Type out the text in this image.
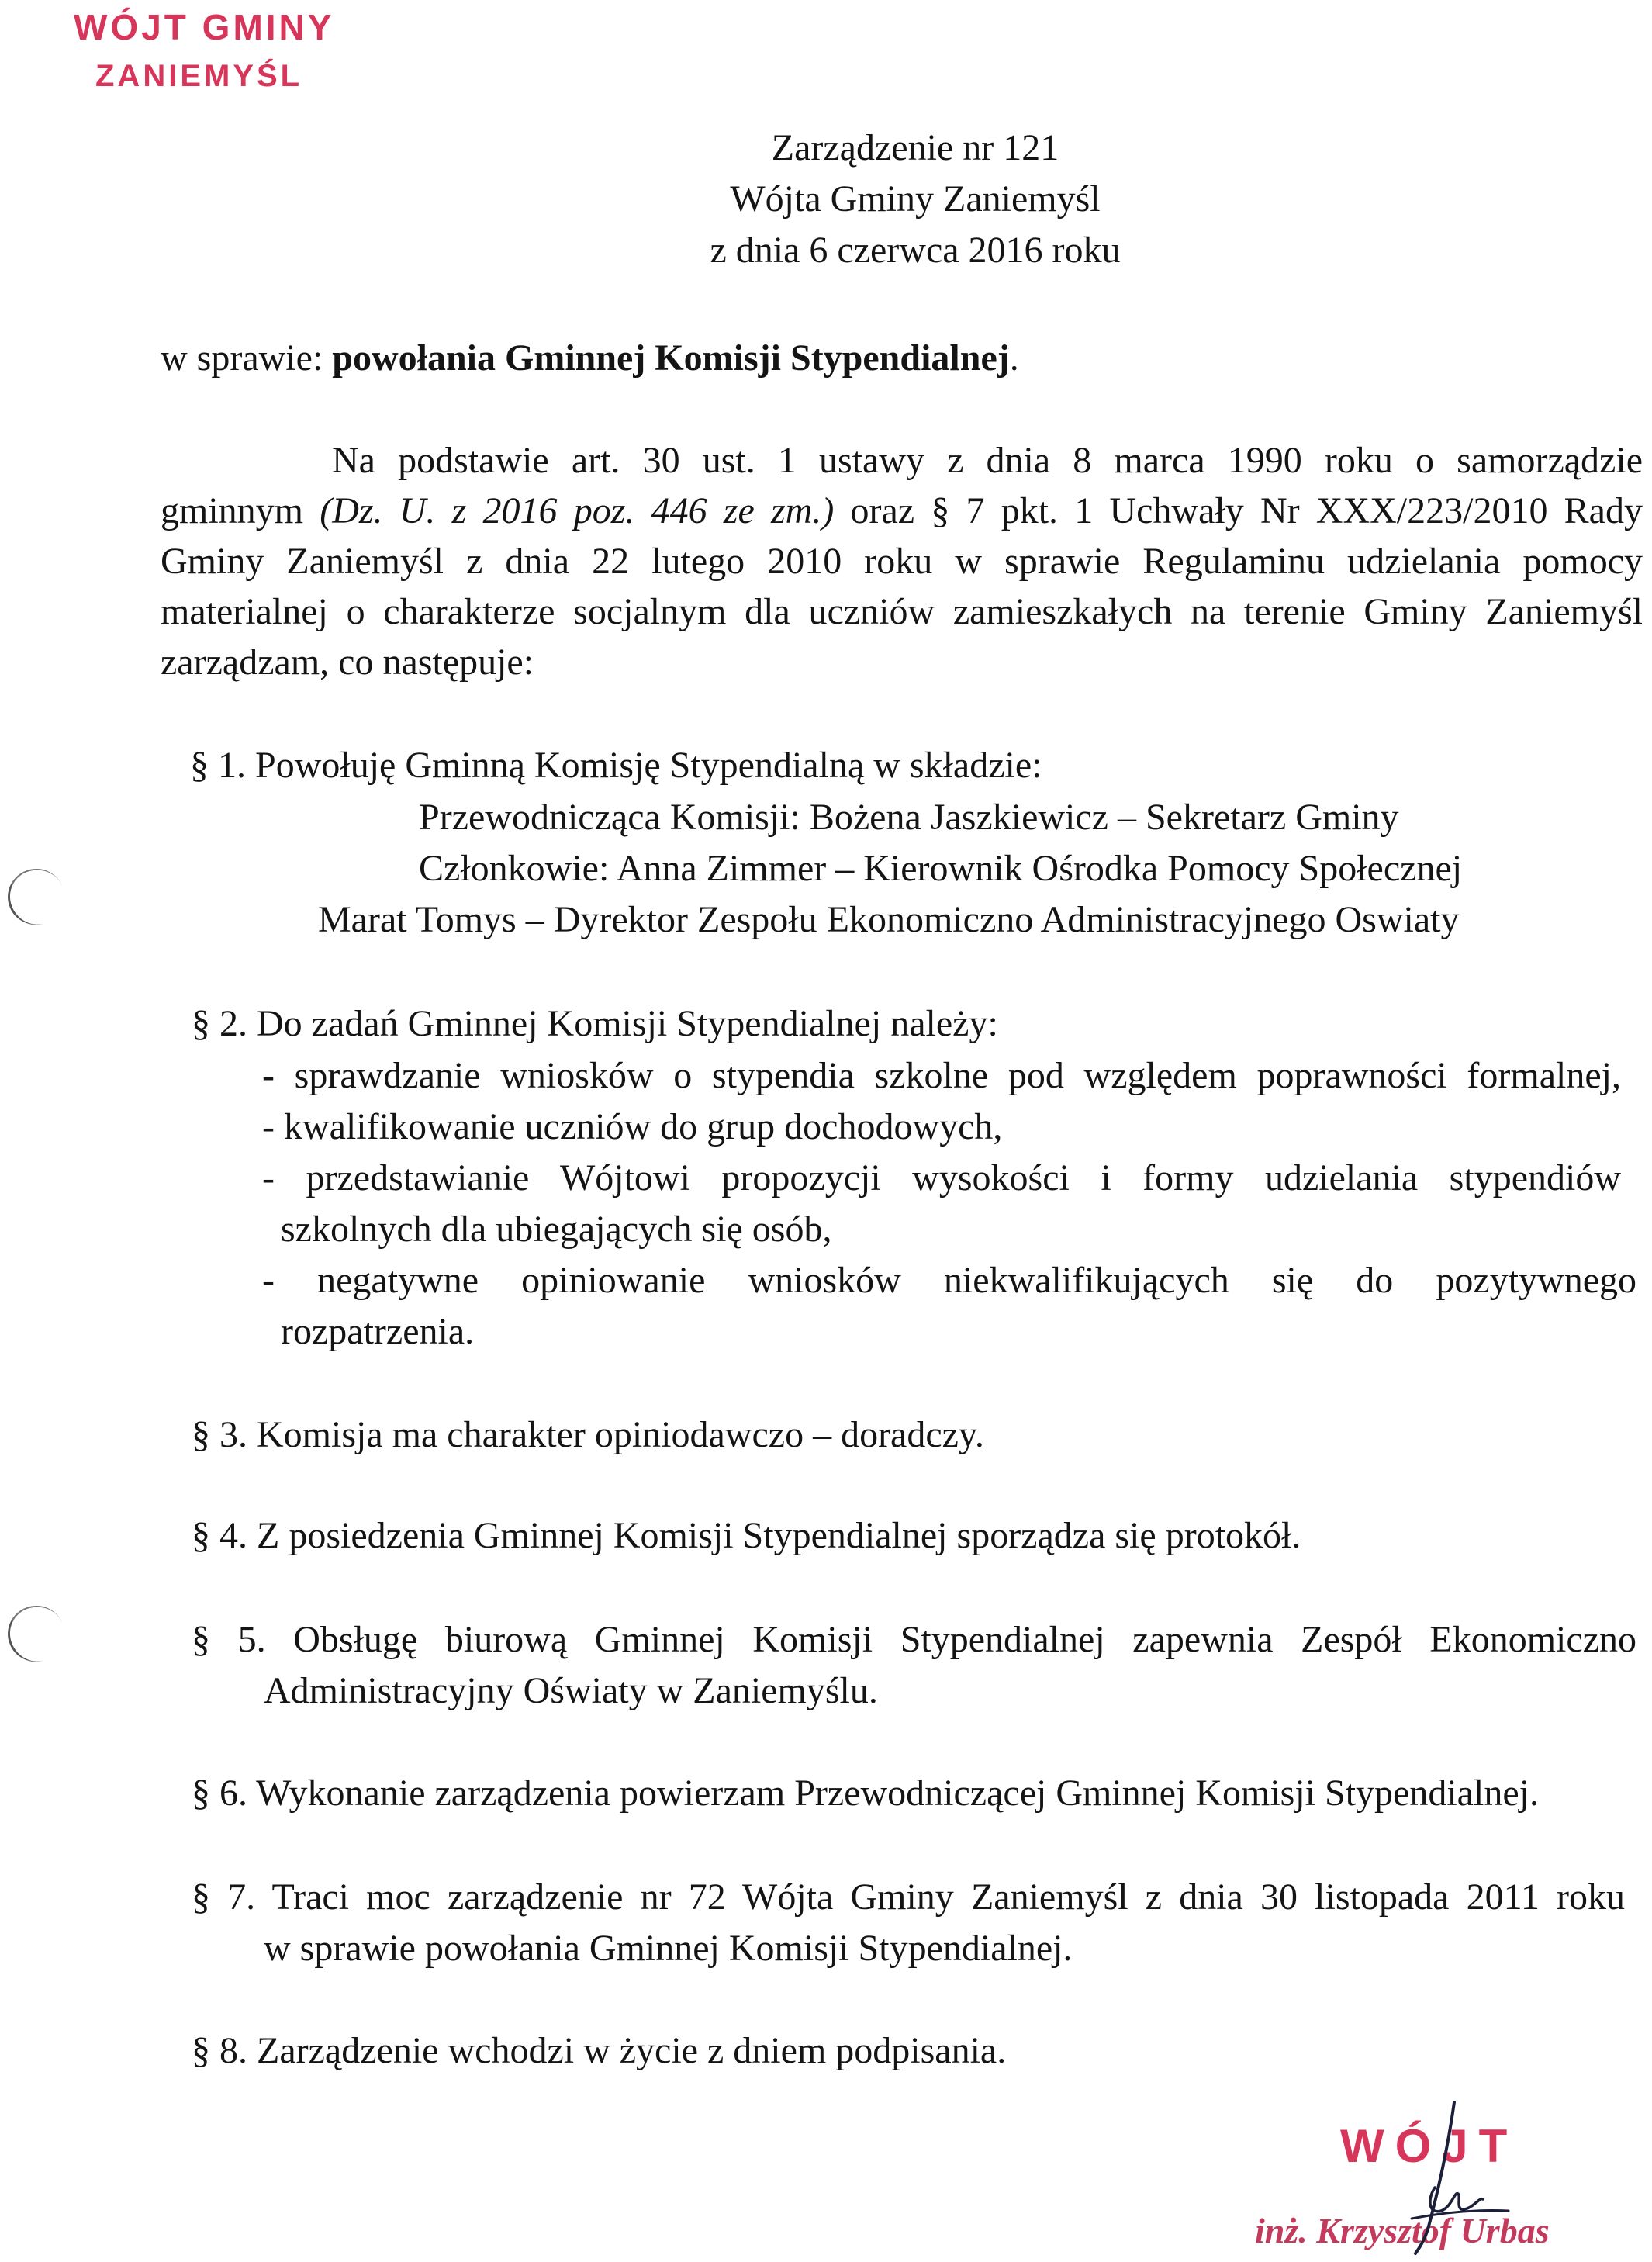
WÓJT GMINY
ZANIEMYŚL
Zarządzenie nr 121
Wójta Gminy Zaniemyśl
z dnia 6 czerwca 2016 roku
w sprawie: powołania Gminnej Komisji Stypendialnej.
Na podstawie art. 30 ust. 1 ustawy z dnia 8 marca 1990 roku o samorządzie
gminnym (Dz. U. z 2016 poz. 446 ze zm.) oraz § 7 pkt. 1 Uchwały Nr XXX/223/2010 Rady
Gminy Zaniemyśl z dnia 22 lutego 2010 roku w sprawie Regulaminu udzielania pomocy
materialnej o charakterze socjalnym dla uczniów zamieszkałych na terenie Gminy Zaniemyśl
zarządzam, co następuje:
§ 1. Powołuję Gminną Komisję Stypendialną w składzie:
Przewodnicząca Komisji: Bożena Jaszkiewicz – Sekretarz Gminy
Członkowie: Anna Zimmer – Kierownik Ośrodka Pomocy Społecznej
Marat Tomys – Dyrektor Zespołu Ekonomiczno Administracyjnego Oswiaty
§ 2. Do zadań Gminnej Komisji Stypendialnej należy:
- sprawdzanie wniosków o stypendia szkolne pod względem poprawności formalnej,
- kwalifikowanie uczniów do grup dochodowych,
- przedstawianie Wójtowi propozycji wysokości i formy udzielania stypendiów
szkolnych dla ubiegających się osób,
- negatywne opiniowanie wniosków niekwalifikujących się do pozytywnego
rozpatrzenia.
§ 3. Komisja ma charakter opiniodawczo – doradczy.
§ 4. Z posiedzenia Gminnej Komisji Stypendialnej sporządza się protokół.
§ 5. Obsługę biurową Gminnej Komisji Stypendialnej zapewnia Zespół Ekonomiczno
Administracyjny Oświaty w Zaniemyślu.
§ 6. Wykonanie zarządzenia powierzam Przewodniczącej Gminnej Komisji Stypendialnej.
§ 7. Traci moc zarządzenie nr 72 Wójta Gminy Zaniemyśl z dnia 30 listopada 2011 roku
w sprawie powołania Gminnej Komisji Stypendialnej.
§ 8. Zarządzenie wchodzi w życie z dniem podpisania.
WÓJT
inż. Krzysztof Urbas
